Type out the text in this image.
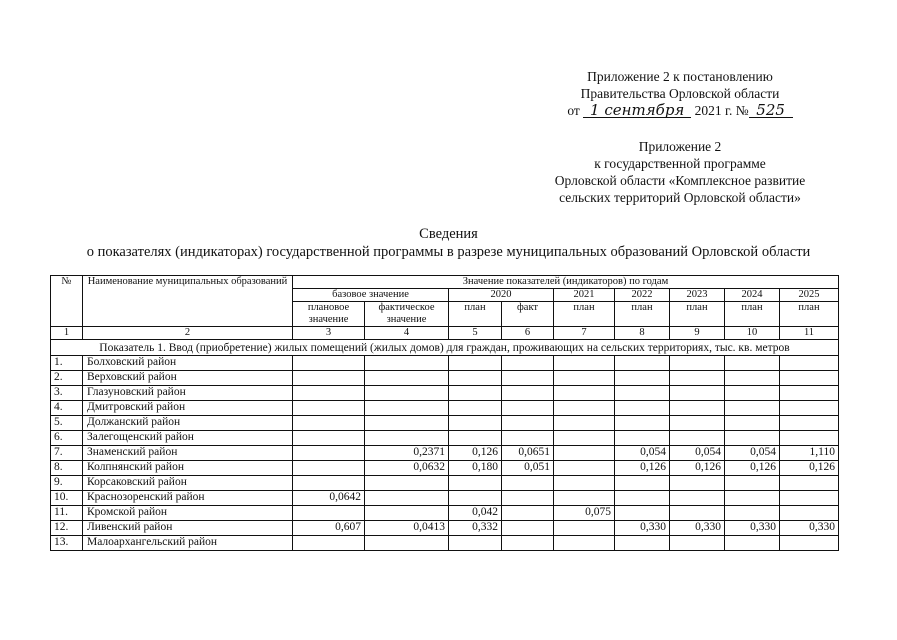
Приложение 2 к постановлению
Правительства Орловской области
от 1 сентября 2021 г. № 525
Приложение 2
к государственной программе
Орловской области «Комплексное развитие
сельских территорий Орловской области»
Сведения
о показателях (индикаторах) государственной программы в разрезе муниципальных образований Орловской области
№	Наименование муниципальных образований	Значение показателей (индикаторов) по годам								
		базовое значение		2020		2021	2022	2023	2024	2025
		плановое значение	фактическое значение	план	факт	план	план	план	план	план
1	2	3	4	5	6	7	8	9	10	11
Показатель 1. Ввод (приобретение) жилых помещений (жилых домов) для граждан, проживающих на сельских территориях, тыс. кв. метров										
1.	Болховский район									
2.	Верховский район									
3.	Глазуновский район									
4.	Дмитровский район									
5.	Должанский район									
6.	Залегощенский район									
7.	Знаменский район		0,2371	0,126	0,0651		0,054	0,054	0,054	1,110
8.	Колпнянский район		0,0632	0,180	0,051		0,126	0,126	0,126	0,126
9.	Корсаковский район									
10.	Краснозоренский район	0,0642								
11.	Кромской район			0,042		0,075				
12.	Ливенский район	0,607	0,0413	0,332			0,330	0,330	0,330	0,330
13.	Малоархангельский район									
